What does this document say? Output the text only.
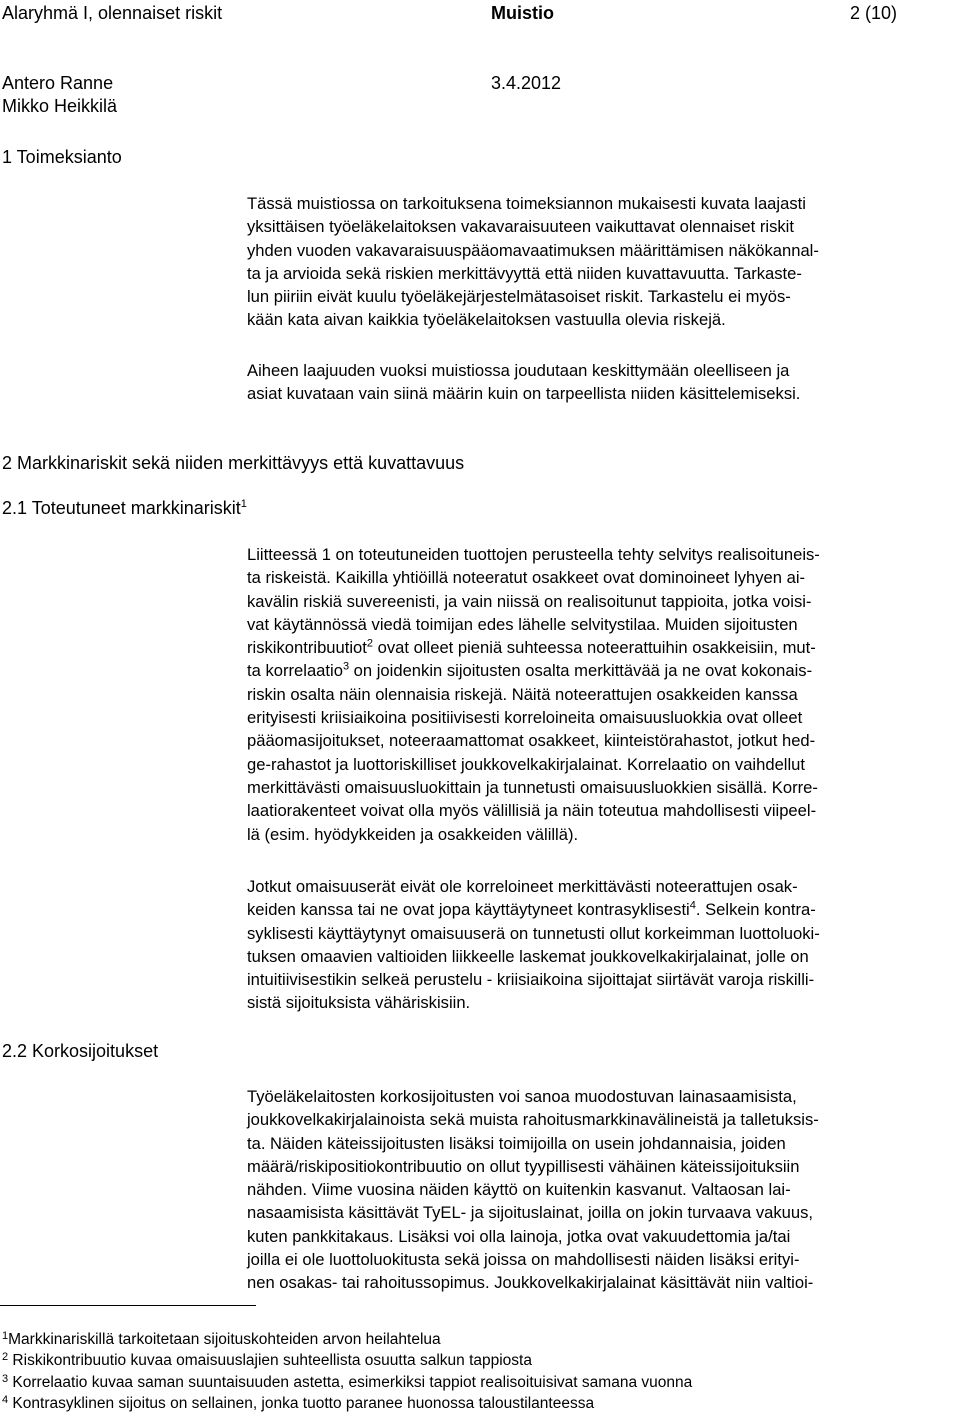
Alaryhmä I, olennaiset riskit	Muistio	2 (10)
Antero Ranne	3.4.2012
Mikko Heikkilä
1 Toimeksianto
Tässä muistiossa on tarkoituksena toimeksiannon mukaisesti kuvata laajasti
yksittäisen työeläkelaitoksen vakavaraisuuteen vaikuttavat olennaiset riskit
yhden vuoden vakavaraisuuspääomavaatimuksen määrittämisen näkökannal-
ta ja arvioida sekä riskien merkittävyyttä että niiden kuvattavuutta. Tarkaste-
lun piiriin eivät kuulu työeläkejärjestelmätasoiset riskit. Tarkastelu ei myös-
kään kata aivan kaikkia työeläkelaitoksen vastuulla olevia riskejä.
Aiheen laajuuden vuoksi muistiossa joudutaan keskittymään oleelliseen ja
asiat kuvataan vain siinä määrin kuin on tarpeellista niiden käsittelemiseksi.
2 Markkinariskit sekä niiden merkittävyys että kuvattavuus
2.1 Toteutuneet markkinariskit$^1$
Liitteessä 1 on toteutuneiden tuottojen perusteella tehty selvitys realisoituneis-
ta riskeistä. Kaikilla yhtiöillä noteeratut osakkeet ovat dominoineet lyhyen ai-
kavälin riskiä suvereenisti, ja vain niissä on realisoitunut tappioita, jotka voisi-
vat käytännössä viedä toimijan edes lähelle selvitystilaa. Muiden sijoitusten
riskikontribuutiot$^2$ ovat olleet pieniä suhteessa noteerattuihin osakkeisiin, mut-
ta korrelaatio$^3$ on joidenkin sijoitusten osalta merkittävää ja ne ovat kokonais-
riskin osalta näin olennaisia riskejä. Näitä noteerattujen osakkeiden kanssa
erityisesti kriisiaikoina positiivisesti korreloineita omaisuusluokkia ovat olleet
pääomasijoitukset, noteeraamattomat osakkeet, kiinteistörahastot, jotkut hed-
ge-rahastot ja luottoriskilliset joukkovelkakirjalainat. Korrelaatio on vaihdellut
merkittävästi omaisuusluokittain ja tunnetusti omaisuusluokkien sisällä. Korre-
laatiorakenteet voivat olla myös välillisiä ja näin toteutua mahdollisesti viipeel-
lä (esim. hyödykkeiden ja osakkeiden välillä).
Jotkut omaisuuserät eivät ole korreloineet merkittävästi noteerattujen osak-
keiden kanssa tai ne ovat jopa käyttäytyneet kontrasyklisesti$^4$. Selkein kontra-
syklisesti käyttäytynyt omaisuuserä on tunnetusti ollut korkeimman luottoluoki-
tuksen omaavien valtioiden liikkeelle laskemat joukkovelkakirjalainat, jolle on
intuitiivisestikin selkeä perustelu - kriisiaikoina sijoittajat siirtävät varoja riskilli-
sistä sijoituksista vähäriskisiin.
2.2 Korkosijoitukset
Työeläkelaitosten korkosijoitusten voi sanoa muodostuvan lainasaamisista,
joukkovelkakirjalainoista sekä muista rahoitusmarkkinavälineistä ja talletuksis-
ta. Näiden käteissijoitusten lisäksi toimijoilla on usein johdannaisia, joiden
määrä/riskipositiokontribuutio on ollut tyypillisesti vähäinen käteissijoituksiin
nähden. Viime vuosina näiden käyttö on kuitenkin kasvanut. Valtaosan lai-
nasaamisista käsittävät TyEL- ja sijoituslainat, joilla on jokin turvaava vakuus,
kuten pankkitakaus. Lisäksi voi olla lainoja, jotka ovat vakuudettomia ja/tai
joilla ei ole luottoluokitusta sekä joissa on mahdollisesti näiden lisäksi erityi-
nen osakas- tai rahoitussopimus. Joukkovelkakirjalainat käsittävät niin valtioi-
$^1$Markkinariskillä tarkoitetaan sijoituskohteiden arvon heilahtelua
$^2$ Riskikontribuutio kuvaa omaisuuslajien suhteellista osuutta salkun tappiosta
$^3$ Korrelaatio kuvaa saman suuntaisuuden astetta, esimerkiksi tappiot realisoituisivat samana vuonna
$^4$ Kontrasyklinen sijoitus on sellainen, jonka tuotto paranee huonossa taloustilanteessa
